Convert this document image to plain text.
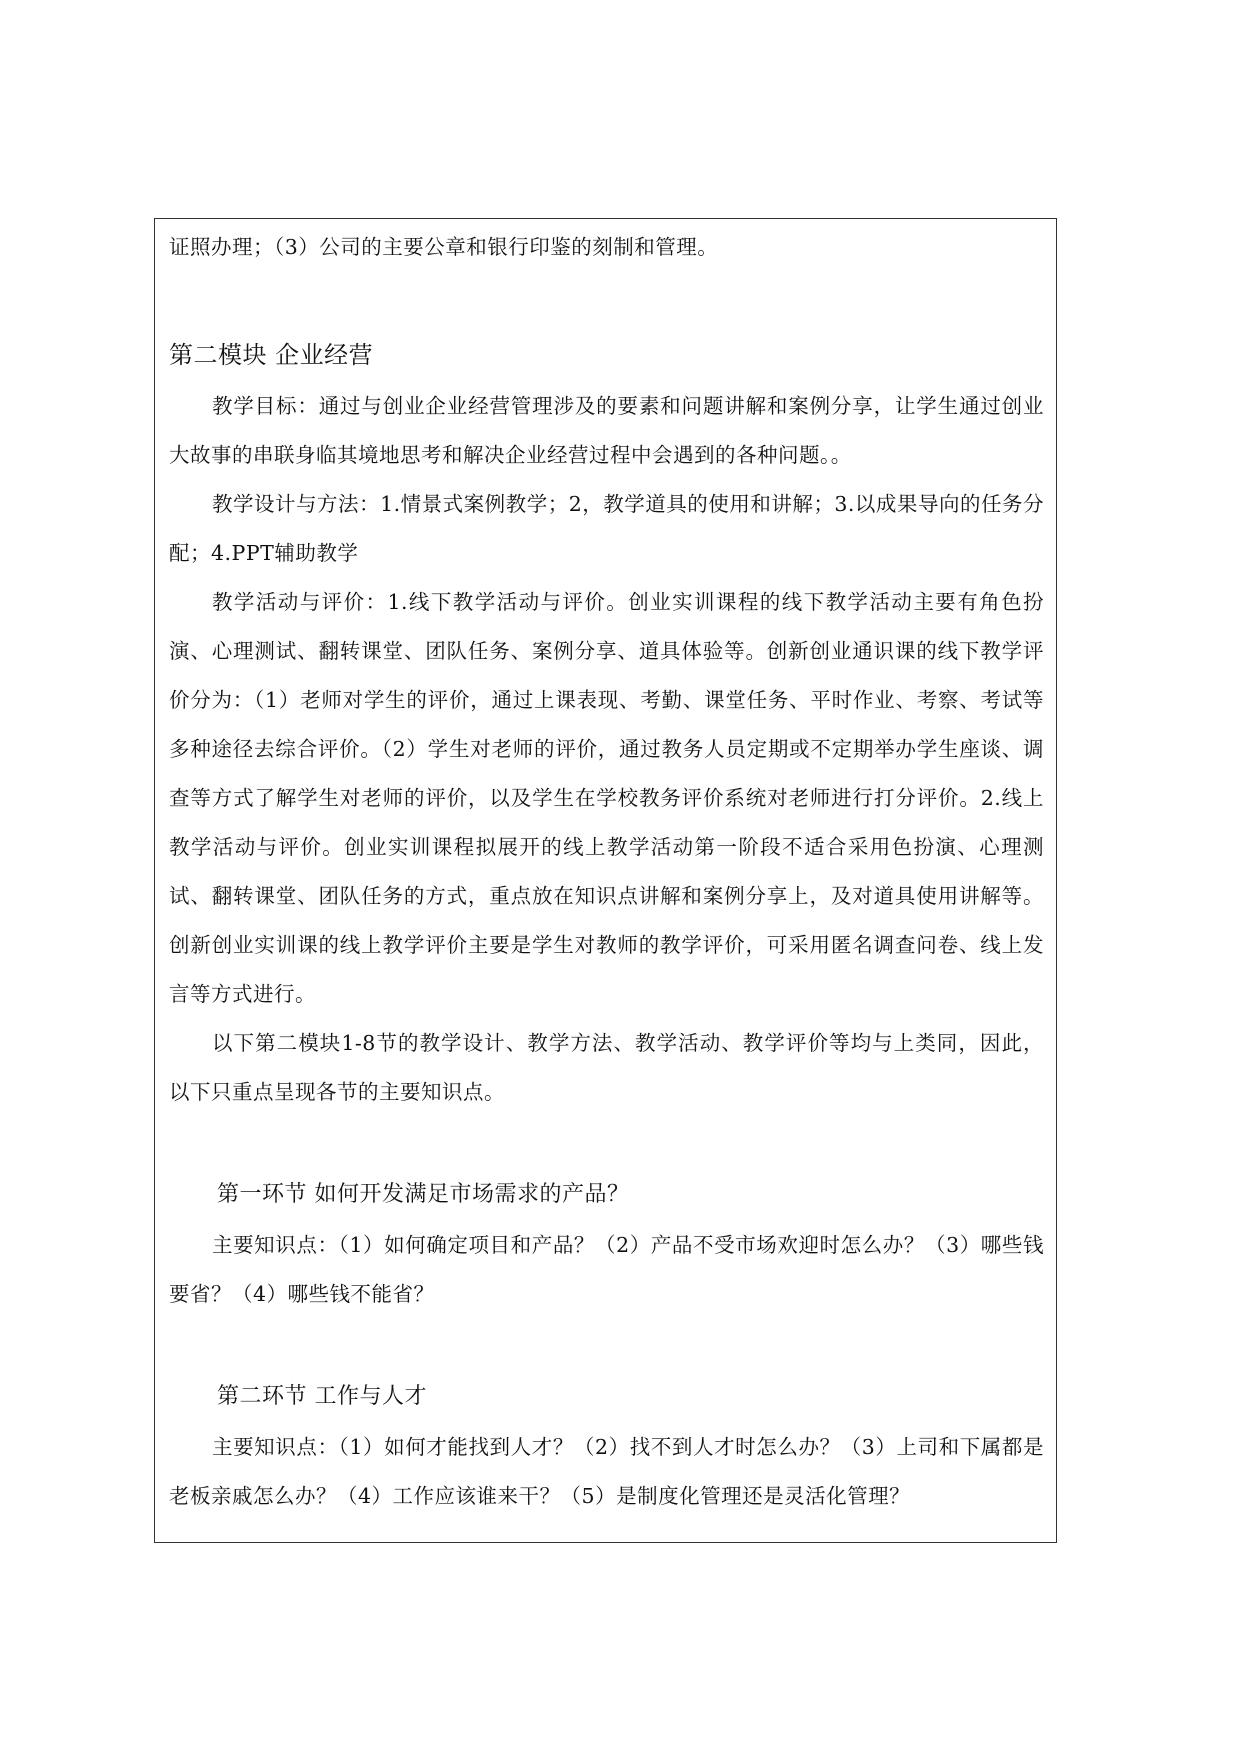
证照办理；（3）公司的主要公章和银行印鉴的刻制和管理。

第二模块 企业经营

教学目标：通过与创业企业经营管理涉及的要素和问题讲解和案例分享，让学生通过创业大故事的串联身临其境地思考和解决企业经营过程中会遇到的各种问题。。

教学设计与方法：1.情景式案例教学；2，教学道具的使用和讲解；3.以成果导向的任务分配；4.PPT辅助教学

教学活动与评价：1.线下教学活动与评价。创业实训课程的线下教学活动主要有角色扮演、心理测试、翻转课堂、团队任务、案例分享、道具体验等。创新创业通识课的线下教学评价分为：（1）老师对学生的评价，通过上课表现、考勤、课堂任务、平时作业、考察、考试等多种途径去综合评价。（2）学生对老师的评价，通过教务人员定期或不定期举办学生座谈、调查等方式了解学生对老师的评价，以及学生在学校教务评价系统对老师进行打分评价。2.线上教学活动与评价。创业实训课程拟展开的线上教学活动第一阶段不适合采用色扮演、心理测试、翻转课堂、团队任务的方式，重点放在知识点讲解和案例分享上，及对道具使用讲解等。创新创业实训课的线上教学评价主要是学生对教师的教学评价，可采用匿名调查问卷、线上发言等方式进行。

以下第二模块1-8节的教学设计、教学方法、教学活动、教学评价等均与上类同，因此，以下只重点呈现各节的主要知识点。

第一环节 如何开发满足市场需求的产品？

主要知识点：（1）如何确定项目和产品？（2）产品不受市场欢迎时怎么办？（3）哪些钱要省？（4）哪些钱不能省？

第二环节 工作与人才

主要知识点：（1）如何才能找到人才？（2）找不到人才时怎么办？（3）上司和下属都是老板亲戚怎么办？（4）工作应该谁来干？（5）是制度化管理还是灵活化管理？
